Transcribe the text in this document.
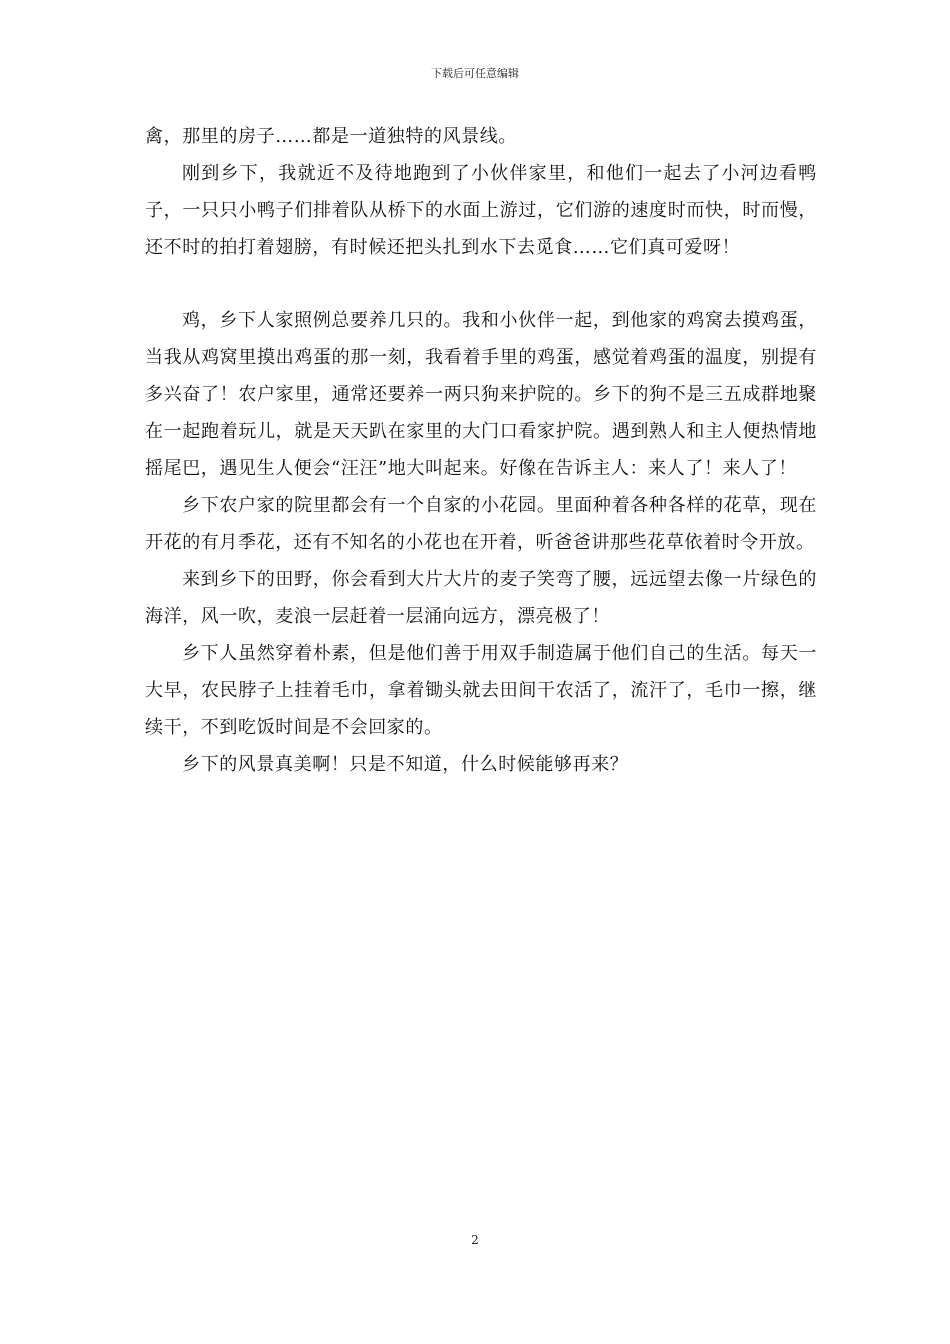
下载后可任意编辑

禽，那里的房子……都是一道独特的风景线。

刚到乡下，我就近不及待地跑到了小伙伴家里，和他们一起去了小河边看鸭子，一只只小鸭子们排着队从桥下的水面上游过，它们游的速度时而快，时而慢，还不时的拍打着翅膀，有时候还把头扎到水下去觅食……它们真可爱呀！

鸡，乡下人家照例总要养几只的。我和小伙伴一起，到他家的鸡窝去摸鸡蛋，当我从鸡窝里摸出鸡蛋的那一刻，我看着手里的鸡蛋，感觉着鸡蛋的温度，别提有多兴奋了！农户家里，通常还要养一两只狗来护院的。乡下的狗不是三五成群地聚在一起跑着玩儿，就是天天趴在家里的大门口看家护院。遇到熟人和主人便热情地摇尾巴，遇见生人便会“汪汪”地大叫起来。好像在告诉主人：来人了！来人了！

乡下农户家的院里都会有一个自家的小花园。里面种着各种各样的花草，现在开花的有月季花，还有不知名的小花也在开着，听爸爸讲那些花草依着时令开放。

来到乡下的田野，你会看到大片大片的麦子笑弯了腰，远远望去像一片绿色的海洋，风一吹，麦浪一层赶着一层涌向远方，漂亮极了！

乡下人虽然穿着朴素，但是他们善于用双手制造属于他们自己的生活。每天一大早，农民脖子上挂着毛巾，拿着锄头就去田间干农活了，流汗了，毛巾一擦，继续干，不到吃饭时间是不会回家的。

乡下的风景真美啊！只是不知道，什么时候能够再来？

2
